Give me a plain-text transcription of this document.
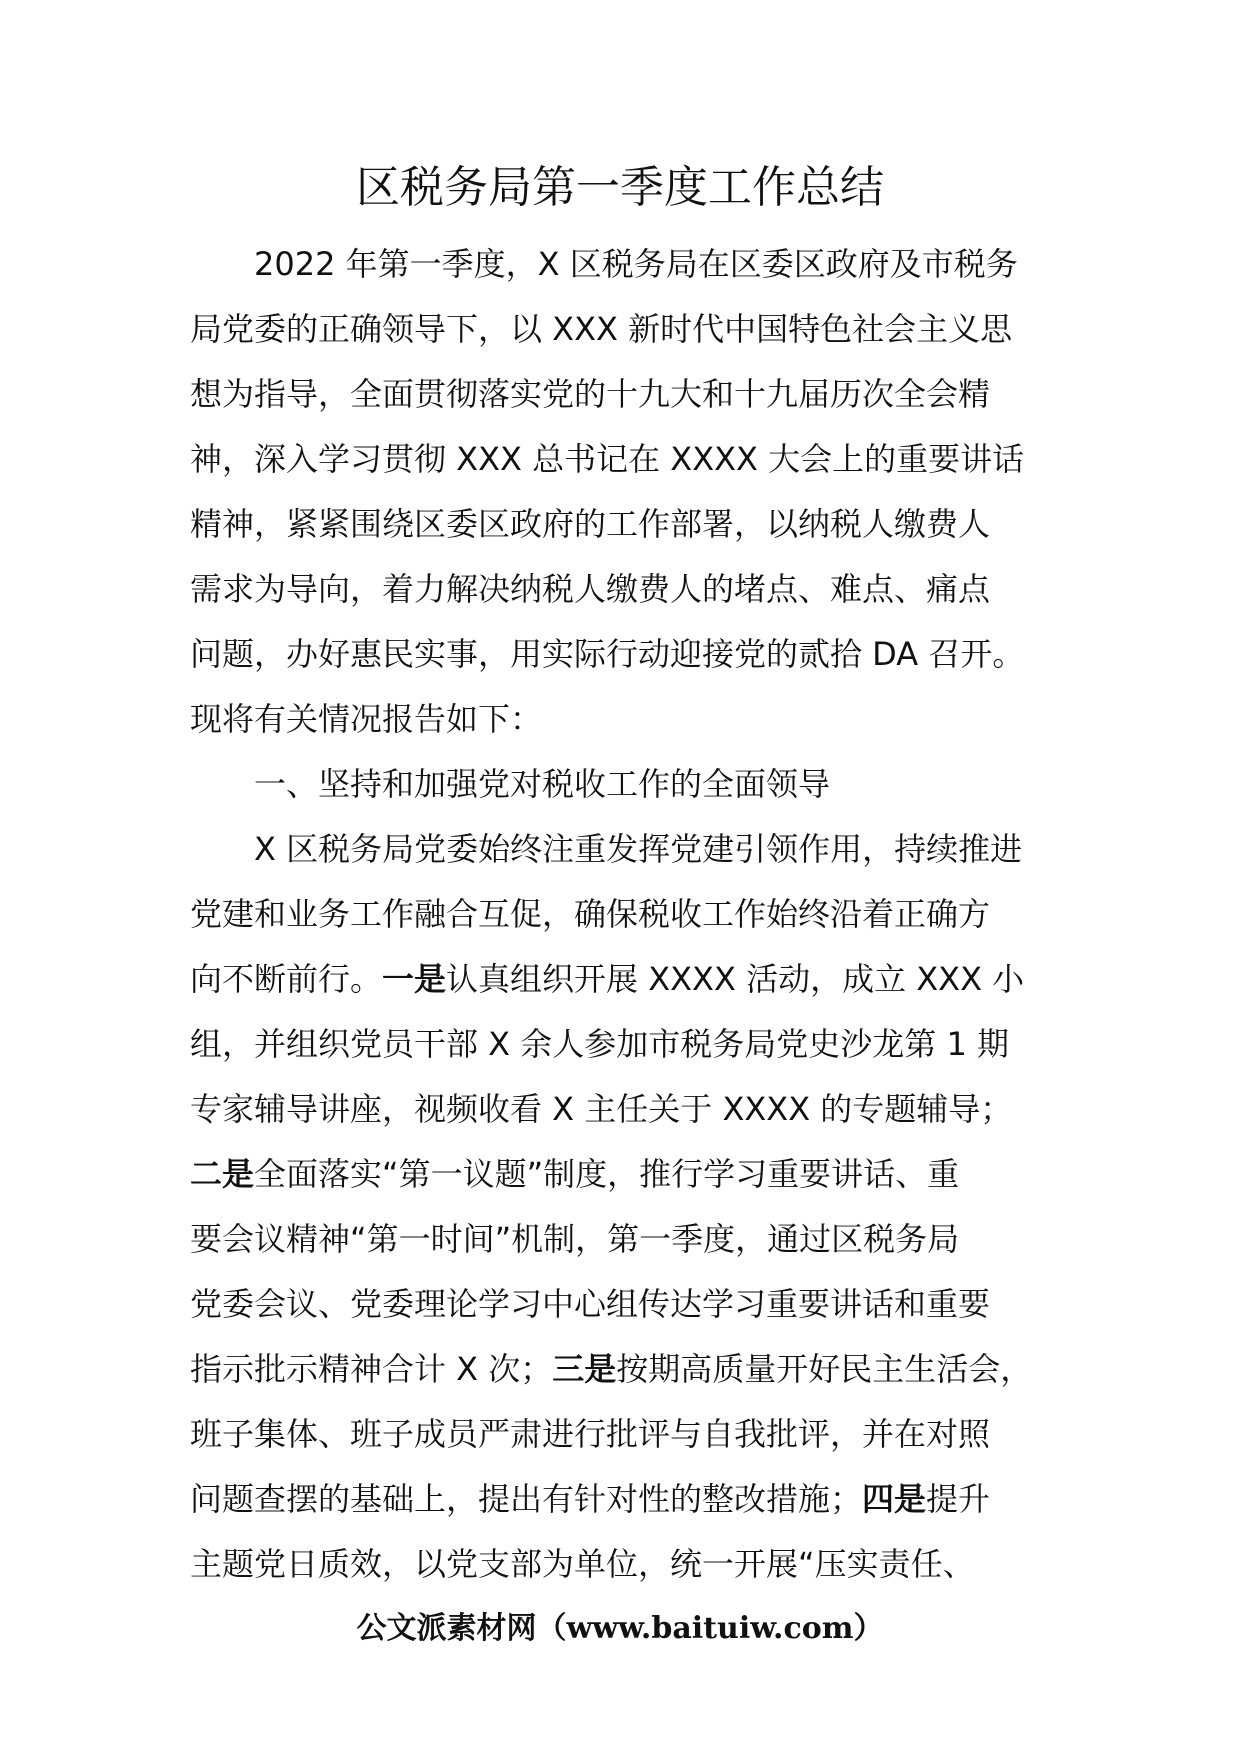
区税务局第一季度工作总结
2022 年第一季度，X 区税务局在区委区政府及市税务
局党委的正确领导下，以 XXX 新时代中国特色社会主义思
想为指导，全面贯彻落实党的十九大和十九届历次全会精
神，深入学习贯彻 XXX 总书记在 XXXX 大会上的重要讲话
精神，紧紧围绕区委区政府的工作部署，以纳税人缴费人
需求为导向，着力解决纳税人缴费人的堵点、难点、痛点
问题，办好惠民实事，用实际行动迎接党的贰拾 DA 召开。
现将有关情况报告如下：
一、坚持和加强党对税收工作的全面领导
X 区税务局党委始终注重发挥党建引领作用，持续推进
党建和业务工作融合互促，确保税收工作始终沿着正确方
向不断前行。一是认真组织开展 XXXX 活动，成立 XXX 小
组，并组织党员干部 X 余人参加市税务局党史沙龙第 1 期
专家辅导讲座，视频收看 X 主任关于 XXXX 的专题辅导；
二是全面落实“第一议题”制度，推行学习重要讲话、重
要会议精神“第一时间”机制，第一季度，通过区税务局
党委会议、党委理论学习中心组传达学习重要讲话和重要
指示批示精神合计 X 次；三是按期高质量开好民主生活会，
班子集体、班子成员严肃进行批评与自我批评，并在对照
问题查摆的基础上，提出有针对性的整改措施；四是提升
主题党日质效，以党支部为单位，统一开展“压实责任、
公文派素材网（www.baituiw.com）
